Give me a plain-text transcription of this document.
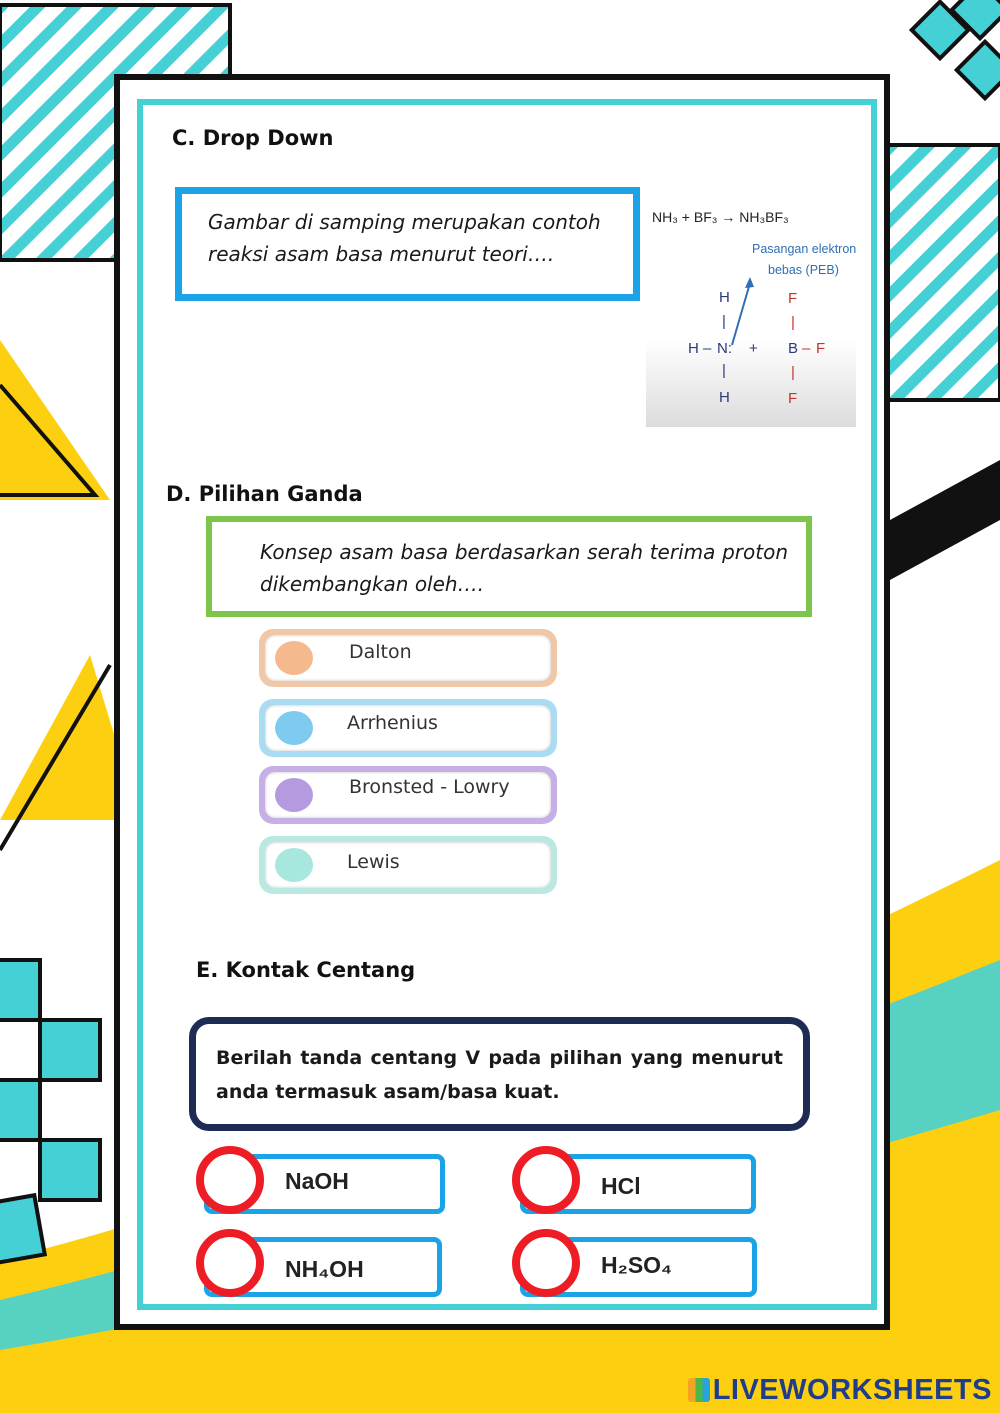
C. Drop Down
Gambar di samping merupakan contoh reaksi asam basa menurut teori….
NH₃ + BF₃ → NH₃BF₃
Pasangan elektron
bebas (PEB)
H
|
H – N:
|
H
+ B
F
|
– F
|
F
D. Pilihan Ganda
Konsep asam basa berdasarkan serah terima proton dikembangkan oleh….
Dalton
Arrhenius
Bronsted - Lowry
Lewis
E. Kontak Centang
Berilah tanda centang V pada pilihan yang menurut anda termasuk asam/basa kuat.
NaOH	HCl
NH₄OH	H₂SO₄
LIVEWORKSHEETS
